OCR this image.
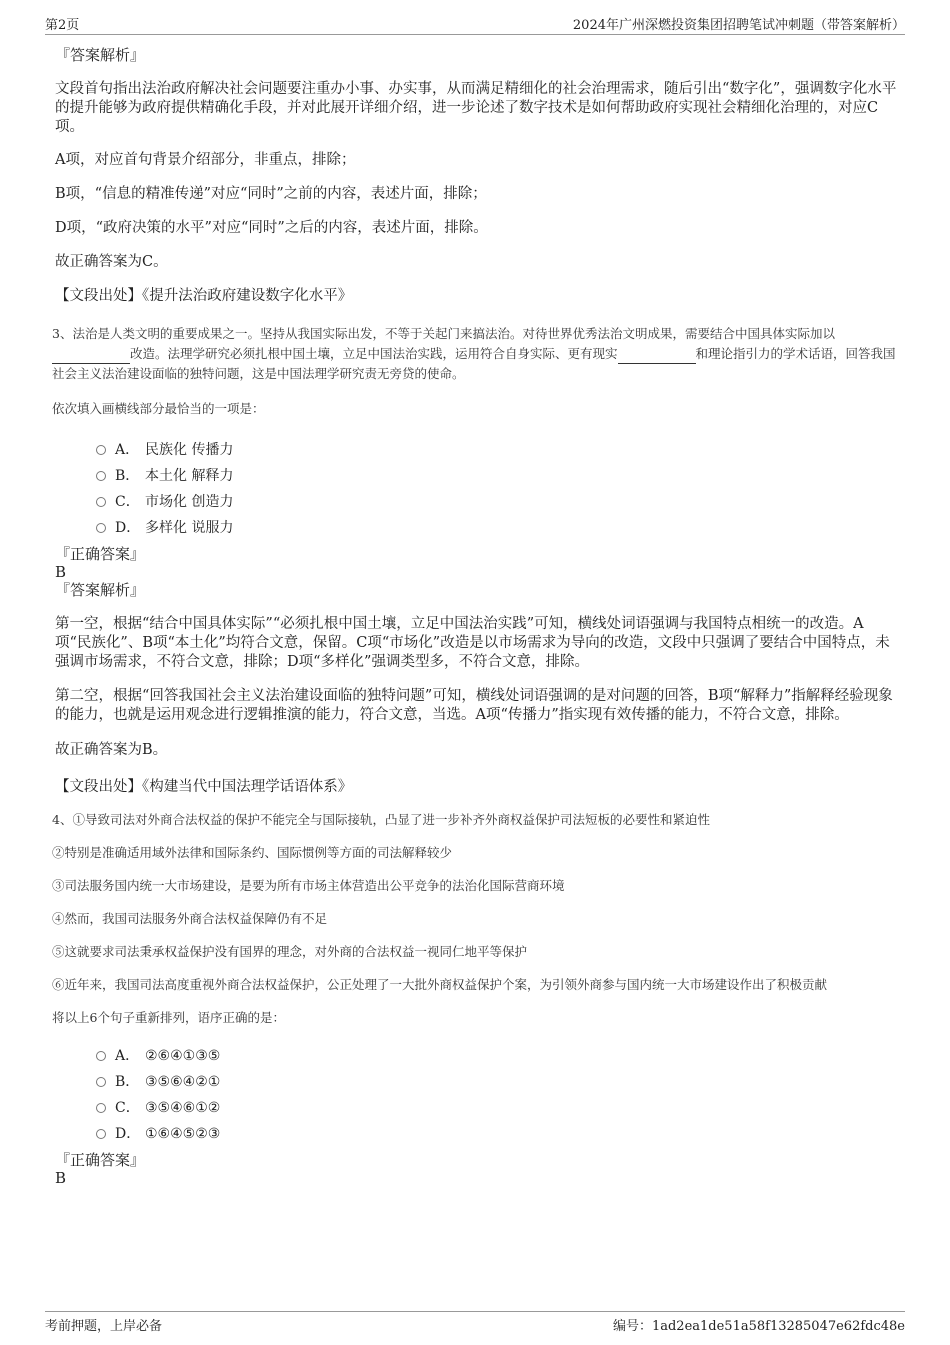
第2页	2024年广州深燃投资集团招聘笔试冲刺题（带答案解析）

『答案解析』

文段首句指出法治政府解决社会问题要注重办小事、办实事，从而满足精细化的社会治理需求，随后引出“数字化”，强调数字化水平的提升能够为政府提供精确化手段，并对此展开详细介绍，进一步论述了数字技术是如何帮助政府实现社会精细化治理的，对应C项。

A项，对应首句背景介绍部分，非重点，排除；

B项，“信息的精准传递”对应“同时”之前的内容，表述片面，排除；

D项，“政府决策的水平”对应“同时”之后的内容，表述片面，排除。

故正确答案为C。

【文段出处】《提升法治政府建设数字化水平》

3、法治是人类文明的重要成果之一。坚持从我国实际出发，不等于关起门来搞法治。对待世界优秀法治文明成果，需要结合中国具体实际加以改造。法理学研究必须扎根中国土壤，立足中国法治实践，运用符合自身实际、更有现实	和理论指引力的学术话语，回答我国社会主义法治建设面临的独特问题，这是中国法理学研究责无旁贷的使命。

依次填入画横线部分最恰当的一项是：

A． 民族化 传播力
B． 本土化 解释力
C． 市场化 创造力
D． 多样化 说服力

『正确答案』

B

『答案解析』

第一空，根据“结合中国具体实际”“必须扎根中国土壤，立足中国法治实践”可知，横线处词语强调与我国特点相统一的改造。A项“民族化”、B项“本土化”均符合文意，保留。C项“市场化”改造是以市场需求为导向的改造，文段中只强调了要结合中国特点，未强调市场需求，不符合文意，排除；D项“多样化”强调类型多，不符合文意，排除。

第二空，根据“回答我国社会主义法治建设面临的独特问题”可知，横线处词语强调的是对问题的回答，B项“解释力”指解释经验现象的能力，也就是运用观念进行逻辑推演的能力，符合文意，当选。A项“传播力”指实现有效传播的能力，不符合文意，排除。

故正确答案为B。

【文段出处】《构建当代中国法理学话语体系》

4、①导致司法对外商合法权益的保护不能完全与国际接轨，凸显了进一步补齐外商权益保护司法短板的必要性和紧迫性

②特别是准确适用域外法律和国际条约、国际惯例等方面的司法解释较少

③司法服务国内统一大市场建设，是要为所有市场主体营造出公平竞争的法治化国际营商环境

④然而，我国司法服务外商合法权益保障仍有不足

⑤这就要求司法秉承权益保护没有国界的理念，对外商的合法权益一视同仁地平等保护

⑥近年来，我国司法高度重视外商合法权益保护，公正处理了一大批外商权益保护个案，为引领外商参与国内统一大市场建设作出了积极贡献

将以上6个句子重新排列，语序正确的是：

A． ②⑥④①③⑤
B． ③⑤⑥④②①
C． ③⑤④⑥①②
D． ①⑥④⑤②③

『正确答案』

B

考前押题，上岸必备	编号：1ad2ea1de51a58f13285047e62fdc48e
